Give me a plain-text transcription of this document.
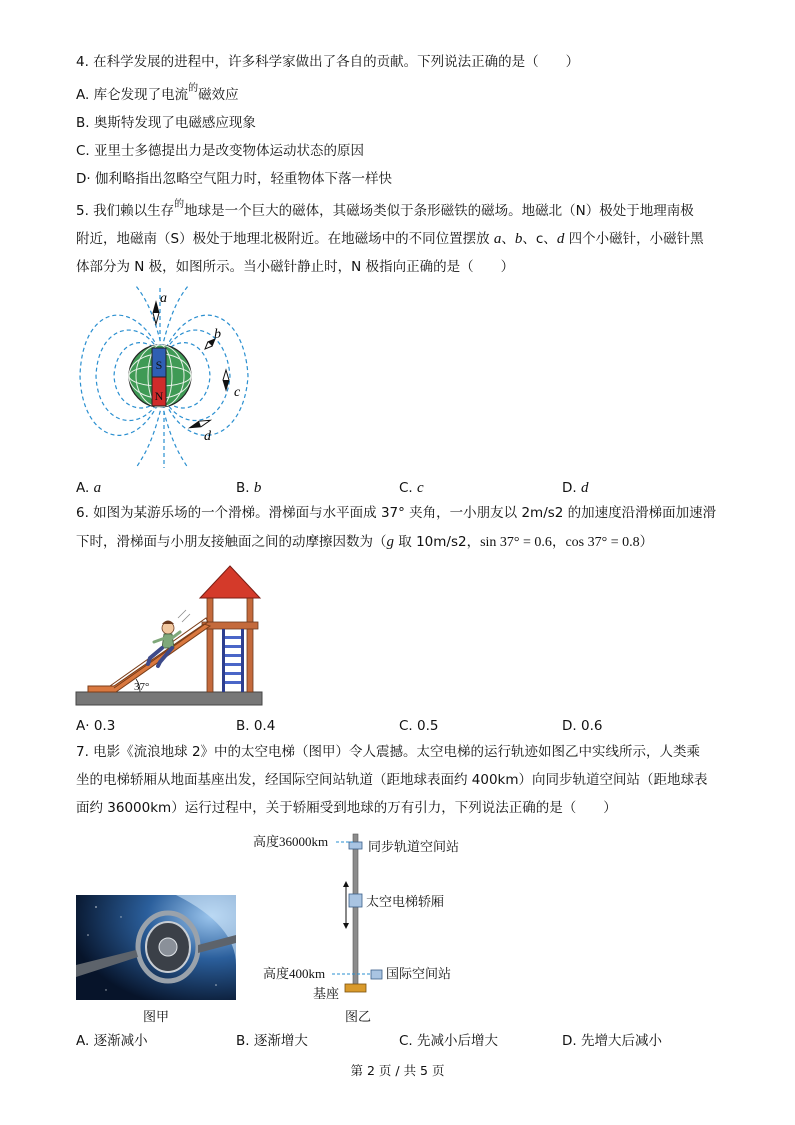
4. 在科学发展的进程中，许多科学家做出了各自的贡献。下列说法正确的是（　　）
A. 库仑发现了电流$^的$磁效应
B. 奥斯特发现了电磁感应现象
C. 亚里士多德提出力是改变物体运动状态的原因
D· 伽利略指出忽略空气阻力时，轻重物体下落一样快
5. 我们赖以生存$^的$地球是一个巨大的磁体，其磁场类似于条形磁铁的磁场。地磁北（N）极处于地理南极
附近，地磁南（S）极处于地理北极附近。在地磁场中的不同位置摆放 a、b、c、d 四个小磁针，小磁针黑
体部分为 N 极，如图所示。当小磁针静止时，N 极指向正确的是（　　）
S
N
a
b
c
d
A. a	B. b	C. c	D. d
6. 如图为某游乐场的一个滑梯。滑梯面与水平面成 37° 夹角，一小朋友以 2m/s2 的加速度沿滑梯面加速滑
下时，滑梯面与小朋友接触面之间的动摩擦因数为（g 取 10m/s2，sin 37° = 0.6，cos 37° = 0.8）
37°
A· 0.3	B. 0.4	C. 0.5	D. 0.6
7. 电影《流浪地球 2》中的太空电梯（图甲）令人震撼。太空电梯的运行轨迹如图乙中实线所示，人类乘
坐的电梯轿厢从地面基座出发，经国际空间站轨道（距地球表面约 400km）向同步轨道空间站（距地球表
面约 36000km）运行过程中，关于轿厢受到地球的万有引力，下列说法正确的是（　　）
图甲
高度36000km	同步轨道空间站
太空电梯轿厢
高度400km	国际空间站
基座
图乙
A. 逐渐减小	B. 逐渐增大	C. 先减小后增大	D. 先增大后减小
第 2 页 / 共 5 页
